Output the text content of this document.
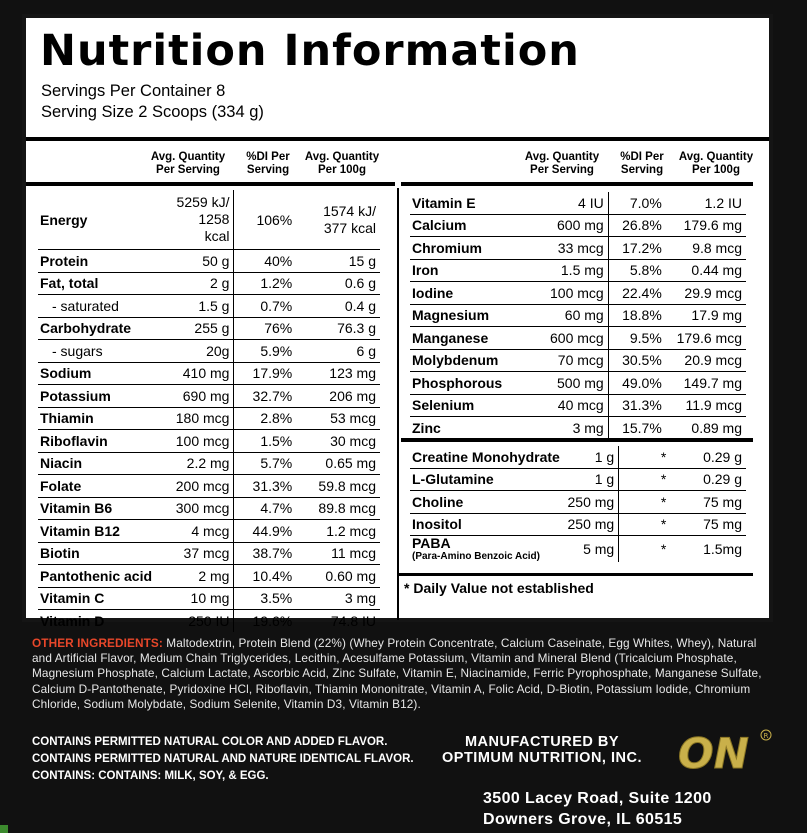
Nutrition Information
Servings Per Container 8
Serving Size 2 Scoops (334 g)
Avg. Quantity
Per Serving
%DI Per
Serving
Avg. Quantity
Per 100g
Avg. Quantity
Per Serving
%DI Per
Serving
Avg. Quantity
Per 100g
Energy	5259 kJ/
1258 kcal	106%	1574 kJ/
377 kcal
Protein	50 g	40%	15 g
Fat, total	2 g	1.2%	0.6 g
- saturated	1.5 g	0.7%	0.4 g
Carbohydrate	255 g	76%	76.3 g
- sugars	20g	5.9%	6 g
Sodium	410 mg	17.9%	123 mg
Potassium	690 mg	32.7%	206 mg
Thiamin	180 mcg	2.8%	53 mcg
Riboflavin	100 mcg	1.5%	30 mcg
Niacin	2.2 mg	5.7%	0.65 mg
Folate	200 mcg	31.3%	59.8 mcg
Vitamin B6	300 mcg	4.7%	89.8 mcg
Vitamin B12	4 mcg	44.9%	1.2 mcg
Biotin	37 mcg	38.7%	11 mcg
Pantothenic acid	2 mg	10.4%	0.60 mg
Vitamin C	10 mg	3.5%	3 mg
Vitamin D	250 IU	19.6%	74.8 IU
Vitamin E	4 IU	7.0%	1.2 IU
Calcium	600 mg	26.8%	179.6 mg
Chromium	33 mcg	17.2%	9.8 mcg
Iron	1.5 mg	5.8%	0.44 mg
Iodine	100 mcg	22.4%	29.9 mcg
Magnesium	60 mg	18.8%	17.9 mg
Manganese	600 mcg	9.5%	179.6 mcg
Molybdenum	70 mcg	30.5%	20.9 mcg
Phosphorous	500 mg	49.0%	149.7 mg
Selenium	40 mcg	31.3%	11.9 mcg
Zinc	3 mg	15.7%	0.89 mg
Creatine Monohydrate	1 g	*	0.29 g
L-Glutamine	1 g	*	0.29 g
Choline	250 mg	*	75 mg
Inositol	250 mg	*	75 mg
PABA
(Para-Amino Benzoic Acid)	5 mg	*	1.5mg
* Daily Value not established
OTHER INGREDIENTS: Maltodextrin, Protein Blend (22%) (Whey Protein Concentrate, Calcium Caseinate, Egg Whites, Whey), Natural and Artificial Flavor, Medium Chain Triglycerides, Lecithin, Acesulfame Potassium, Vitamin and Mineral Blend (Tricalcium Phosphate, Magnesium Phosphate, Calcium Lactate, Ascorbic Acid, Zinc Sulfate, Vitamin E, Niacinamide, Ferric Pyrophosphate, Manganese Sulfate, Calcium D-Pantothenate, Pyridoxine HCl, Riboflavin, Thiamin Mononitrate, Vitamin A, Folic Acid, D-Biotin, Potassium Iodide, Chromium Chloride, Sodium Molybdate, Sodium Selenite, Vitamin D3, Vitamin B12).
CONTAINS PERMITTED NATURAL COLOR AND ADDED FLAVOR.
CONTAINS PERMITTED NATURAL AND NATURE IDENTICAL FLAVOR.
CONTAINS: CONTAINS: MILK, SOY, & EGG.
MANUFACTURED BY
OPTIMUM NUTRITION, INC. ON R
3500 Lacey Road, Suite 1200
Downers Grove, IL 60515
